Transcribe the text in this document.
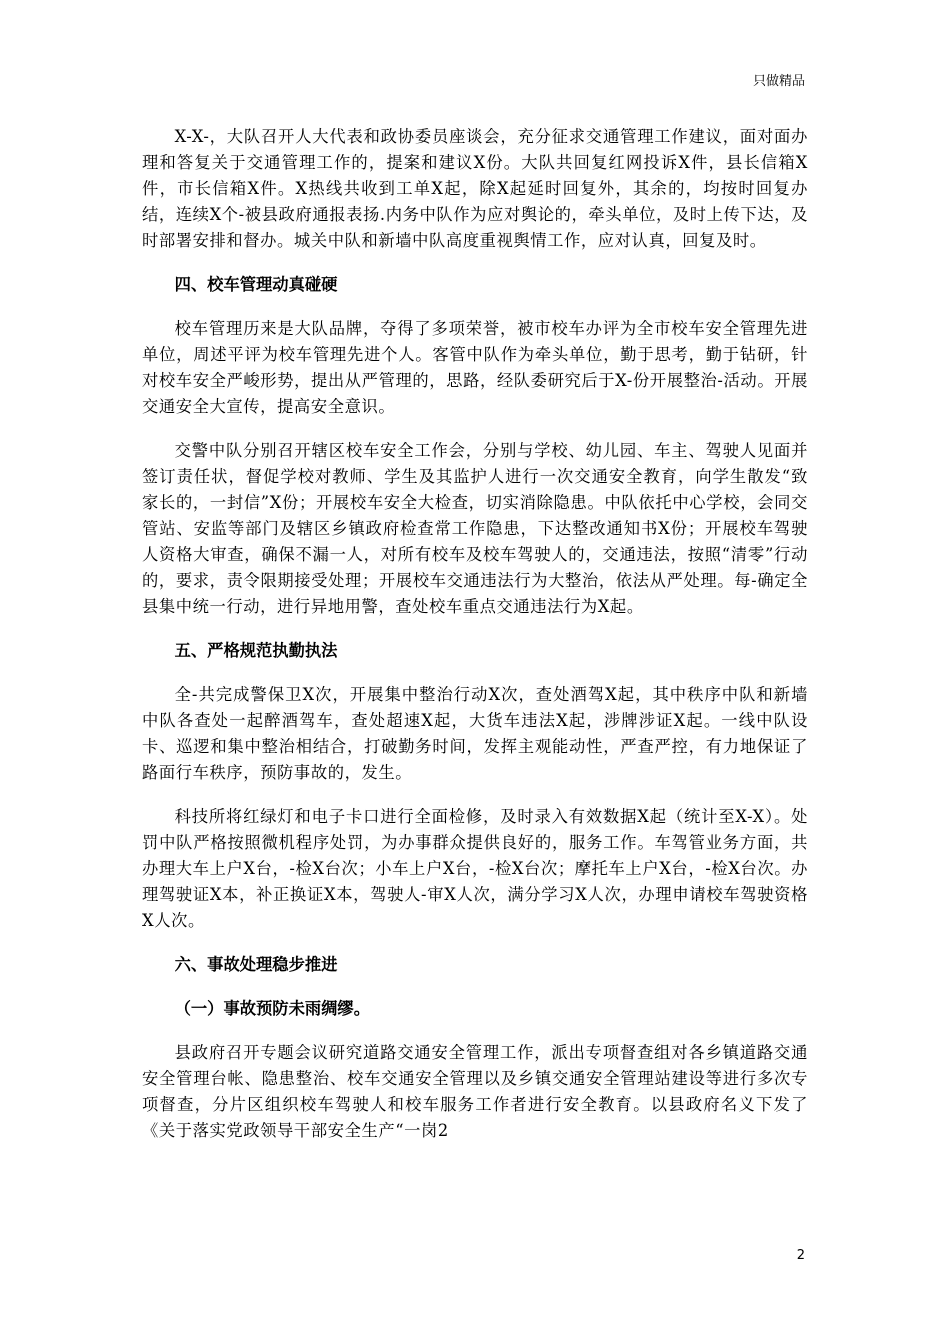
只做精品

X-X-，大队召开人大代表和政协委员座谈会，充分征求交通管理工作建议，面对面办理和答复关于交通管理工作的，提案和建议X份。大队共回复红网投诉X件，县长信箱X件，市长信箱X件。X热线共收到工单X起，除X起延时回复外，其余的，均按时回复办结，连续X个-被县政府通报表扬.内务中队作为应对舆论的，牵头单位，及时上传下达，及时部署安排和督办。城关中队和新墙中队高度重视舆情工作，应对认真，回复及时。

四、校车管理动真碰硬

校车管理历来是大队品牌，夺得了多项荣誉，被市校车办评为全市校车安全管理先进单位，周述平评为校车管理先进个人。客管中队作为牵头单位，勤于思考，勤于钻研，针对校车安全严峻形势，提出从严管理的，思路，经队委研究后于X-份开展整治-活动。开展交通安全大宣传，提高安全意识。

交警中队分别召开辖区校车安全工作会，分别与学校、幼儿园、车主、驾驶人见面并签订责任状，督促学校对教师、学生及其监护人进行一次交通安全教育，向学生散发“致家长的，一封信”X份；开展校车安全大检查，切实消除隐患。中队依托中心学校，会同交管站、安监等部门及辖区乡镇政府检查常工作隐患，下达整改通知书X份；开展校车驾驶人资格大审查，确保不漏一人，对所有校车及校车驾驶人的，交通违法，按照“清零”行动的，要求，责令限期接受处理；开展校车交通违法行为大整治，依法从严处理。每-确定全县集中统一行动，进行异地用警，查处校车重点交通违法行为X起。

五、严格规范执勤执法

全-共完成警保卫X次，开展集中整治行动X次，查处酒驾X起，其中秩序中队和新墙中队各查处一起醉酒驾车，查处超速X起，大货车违法X起，涉牌涉证X起。一线中队设卡、巡逻和集中整治相结合，打破勤务时间，发挥主观能动性，严查严控，有力地保证了路面行车秩序，预防事故的，发生。

科技所将红绿灯和电子卡口进行全面检修，及时录入有效数据X起（统计至X-X）。处罚中队严格按照微机程序处罚，为办事群众提供良好的，服务工作。车驾管业务方面，共办理大车上户X台，-检X台次；小车上户X台，-检X台次；摩托车上户X台，-检X台次。办理驾驶证X本，补正换证X本，驾驶人-审X人次，满分学习X人次，办理申请校车驾驶资格X人次。

六、事故处理稳步推进
（一）事故预防未雨绸缪。

县政府召开专题会议研究道路交通安全管理工作，派出专项督查组对各乡镇道路交通安全管理台帐、隐患整治、校车交通安全管理以及乡镇交通安全管理站建设等进行多次专项督查，分片区组织校车驾驶人和校车服务工作者进行安全教育。以县政府名义下发了《关于落实党政领导干部安全生产“一岗2

2
